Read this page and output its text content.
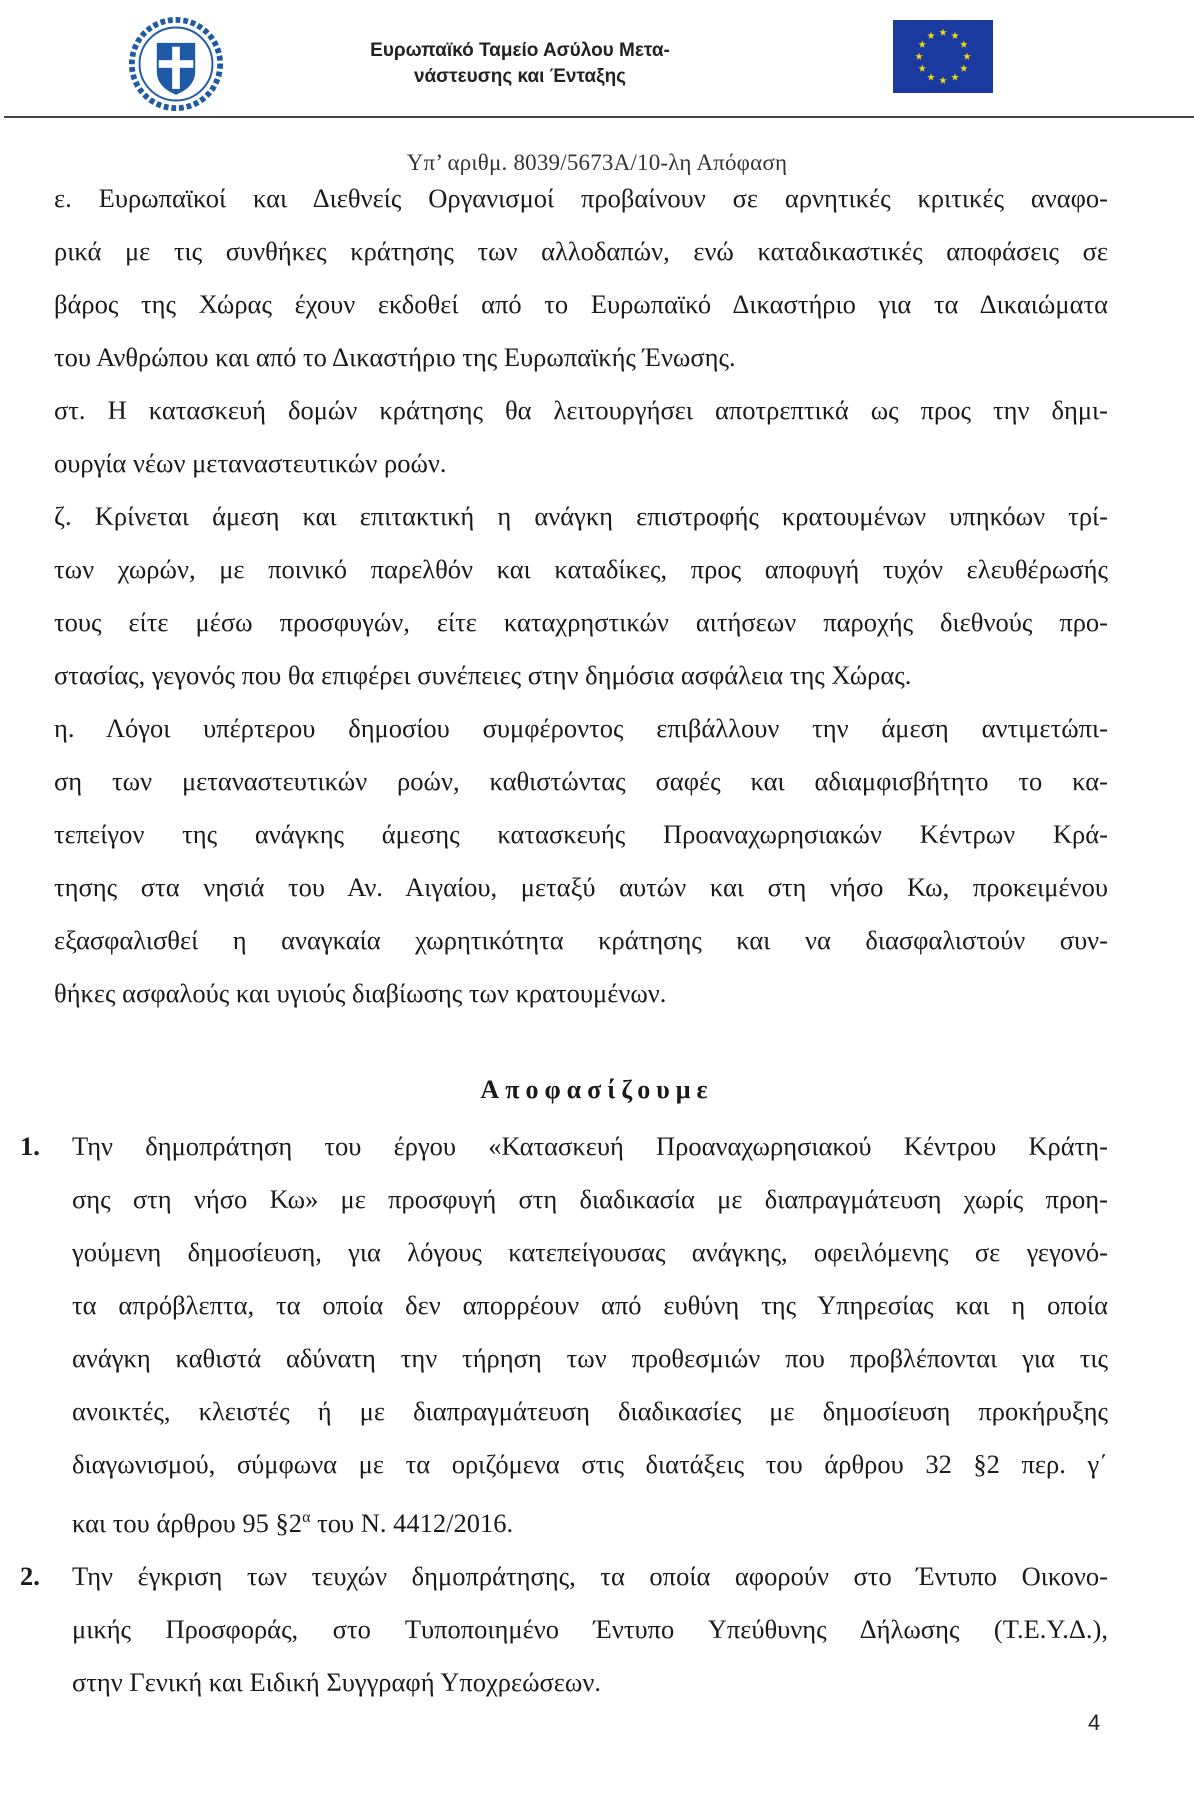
Ευρωπαϊκό Ταμείο Ασύλου Μετα-
νάστευσης και Ένταξης
Υπ’ αριθμ. 8039/5673Α/10-λη Απόφαση
ε. Ευρωπαϊκοί και Διεθνείς Οργανισμοί προβαίνουν σε αρνητικές κριτικές αναφο-
ρικά με τις συνθήκες κράτησης των αλλοδαπών, ενώ καταδικαστικές αποφάσεις σε
βάρος της Χώρας έχουν εκδοθεί από το Ευρωπαϊκό Δικαστήριο για τα Δικαιώματα
του Ανθρώπου και από το Δικαστήριο της Ευρωπαϊκής Ένωσης.
στ. Η κατασκευή δομών κράτησης θα λειτουργήσει αποτρεπτικά ως προς την δημι-
ουργία νέων μεταναστευτικών ροών.
ζ. Κρίνεται άμεση και επιτακτική η ανάγκη επιστροφής κρατουμένων υπηκόων τρί-
των χωρών, με ποινικό παρελθόν και καταδίκες, προς αποφυγή τυχόν ελευθέρωσής
τους είτε μέσω προσφυγών, είτε καταχρηστικών αιτήσεων παροχής διεθνούς προ-
στασίας, γεγονός που θα επιφέρει συνέπειες στην δημόσια ασφάλεια της Χώρας.
η. Λόγοι υπέρτερου δημοσίου συμφέροντος επιβάλλουν την άμεση αντιμετώπι-
ση των μεταναστευτικών ροών, καθιστώντας σαφές και αδιαμφισβήτητο το κα-
τεπείγον της ανάγκης άμεσης κατασκευής Προαναχωρησιακών Κέντρων Κρά-
τησης στα νησιά του Αν. Αιγαίου, μεταξύ αυτών και στη νήσο Κω, προκειμένου
εξασφαλισθεί η αναγκαία χωρητικότητα κράτησης και να διασφαλιστούν συν-
θήκες ασφαλούς και υγιούς διαβίωσης των κρατουμένων.
Αποφασίζουμε
1. Την δημοπράτηση του έργου «Κατασκευή Προαναχωρησιακού Κέντρου Κράτη-
σης στη νήσο Κω» με προσφυγή στη διαδικασία με διαπραγμάτευση χωρίς προη-
γούμενη δημοσίευση, για λόγους κατεπείγουσας ανάγκης, οφειλόμενης σε γεγονό-
τα απρόβλεπτα, τα οποία δεν απορρέουν από ευθύνη της Υπηρεσίας και η οποία
ανάγκη καθιστά αδύνατη την τήρηση των προθεσμιών που προβλέπονται για τις
ανοικτές, κλειστές ή με διαπραγμάτευση διαδικασίες με δημοσίευση προκήρυξης
διαγωνισμού, σύμφωνα με τα οριζόμενα στις διατάξεις του άρθρου 32 §2 περ. γ΄
και του άρθρου 95 $\S 2^\alpha$ του Ν. 4412/2016.
2. Την έγκριση των τευχών δημοπράτησης, τα οποία αφορούν στο Έντυπο Οικονο-
μικής Προσφοράς, στο Τυποποιημένο Έντυπο Υπεύθυνης Δήλωσης (Τ.Ε.Υ.Δ.),
στην Γενική και Ειδική Συγγραφή Υποχρεώσεων.
4
